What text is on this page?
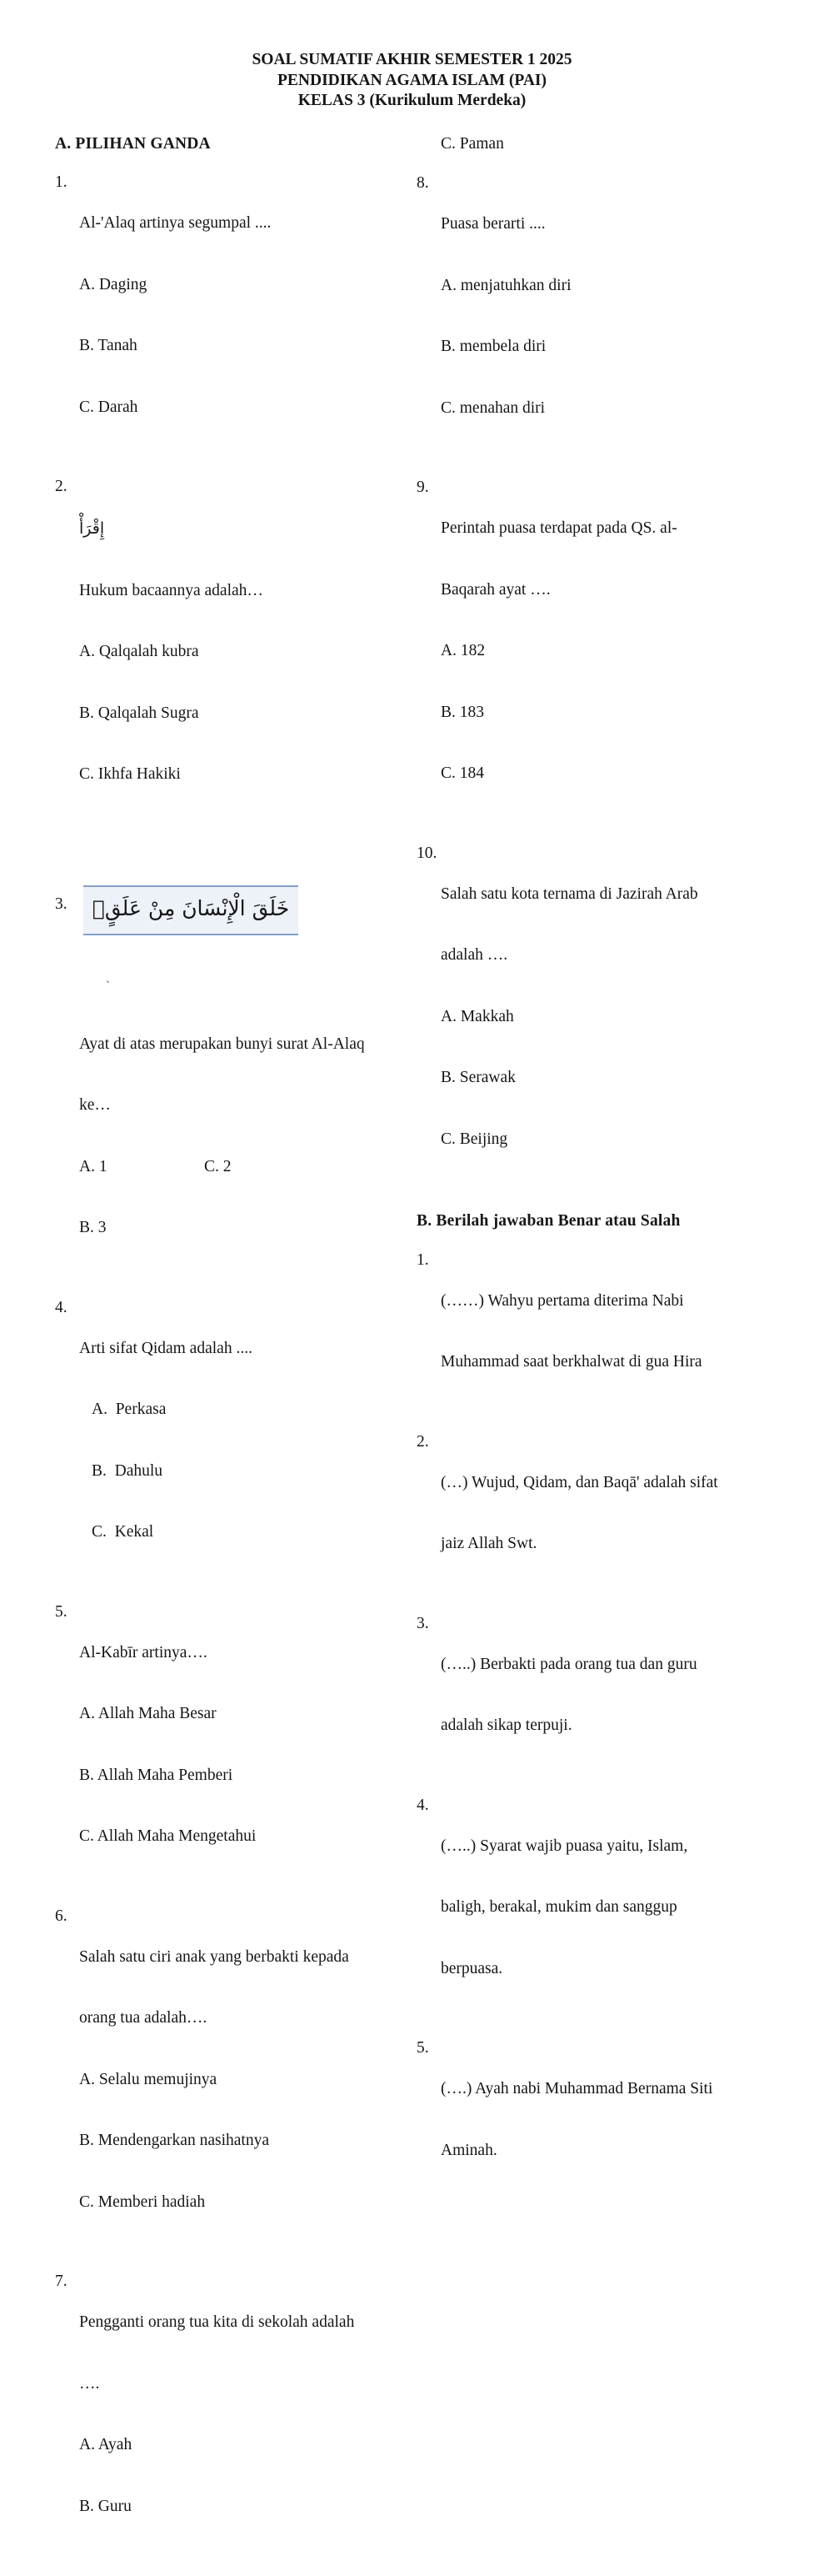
SOAL SUMATIF AKHIR SEMESTER 1 2025
PENDIDIKAN AGAMA ISLAM (PAI)
KELAS 3 (Kurikulum Merdeka)
A. PILIHAN GANDA
1.

Al-'Alaq artinya segumpal ....

A. Daging

B. Tanah

C. Darah

2.

إِقْرَأْ

Hukum bacaannya adalah…

A. Qalqalah kubra

B. Qalqalah Sugra

C. Ikhfa Hakiki

3.

	خَلَقَ الْإِنْسَانَ مِنْ عَلَقٍۚ

`

Ayat di atas merupakan bunyi surat Al-Alaq

ke…

A. 1	C. 2

B. 3

4.

Arti sifat Qidam adalah ....

A.  Perkasa

B.  Dahulu

C.  Kekal

5.

Al-Kabīr artinya….

A. Allah Maha Besar

B. Allah Maha Pemberi

C. Allah Maha Mengetahui

6.

Salah satu ciri anak yang berbakti kepada

orang tua adalah….

A. Selalu memujinya

B. Mendengarkan nasihatnya

C. Memberi hadiah

7.

Pengganti orang tua kita di sekolah adalah

….

A. Ayah

B. Guru

C. Paman
8.

Puasa berarti ....

A. menjatuhkan diri

B. membela diri

C. menahan diri

9.

Perintah puasa terdapat pada QS. al-

Baqarah ayat ….

A. 182

B. 183

C. 184

10.

Salah satu kota ternama di Jazirah Arab

adalah ….

A. Makkah

B. Serawak

C. Beijing

B. Berilah jawaban Benar atau Salah
1.

(……) Wahyu pertama diterima Nabi

Muhammad saat berkhalwat di gua Hira

2.

(…) Wujud, Qidam, dan Baqā' adalah sifat

jaiz Allah Swt.

3.

(…..) Berbakti pada orang tua dan guru

adalah sikap terpuji.

4.

(…..) Syarat wajib puasa yaitu, Islam,

baligh, berakal, mukim dan sanggup

berpuasa.

5.

(….) Ayah nabi Muhammad Bernama Siti

Aminah.
